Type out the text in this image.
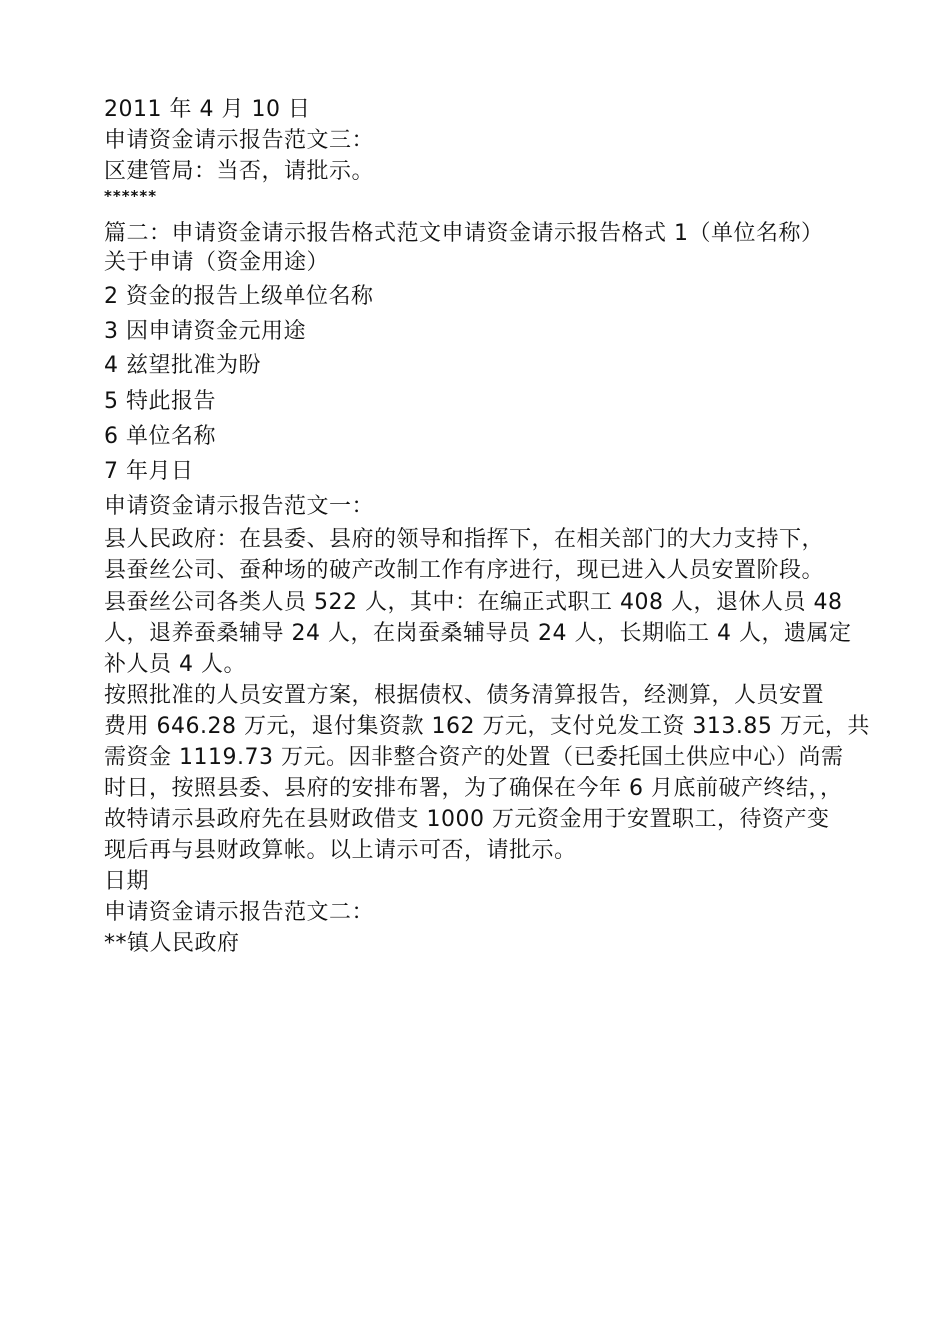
2011 年 4 月 10 日
申请资金请示报告范文三：
区建管局：当否，请批示。
******
篇二：申请资金请示报告格式范文申请资金请示报告格式 1（单位名称）
关于申请（资金用途）
2 资金的报告上级单位名称
3 因申请资金元用途
4 兹望批准为盼
5 特此报告
6 单位名称
7 年月日
申请资金请示报告范文一：
县人民政府：在县委、县府的领导和指挥下，在相关部门的大力支持下，
县蚕丝公司、蚕种场的破产改制工作有序进行，现已进入人员安置阶段。
县蚕丝公司各类人员 522 人，其中：在编正式职工 408 人，退休人员 48
人，退养蚕桑辅导 24 人，在岗蚕桑辅导员 24 人，长期临工 4 人，遗属定
补人员 4 人。
按照批准的人员安置方案，根据债权、债务清算报告，经测算，人员安置
费用 646.28 万元，退付集资款 162 万元，支付兑发工资 313.85 万元，共
需资金 1119.73 万元。因非整合资产的处置（已委托国土供应中心）尚需
时日，按照县委、县府的安排布署，为了确保在今年 6 月底前破产终结，，
故特请示县政府先在县财政借支 1000 万元资金用于安置职工，待资产变
现后再与县财政算帐。以上请示可否，请批示。
日期
申请资金请示报告范文二：
**镇人民政府
